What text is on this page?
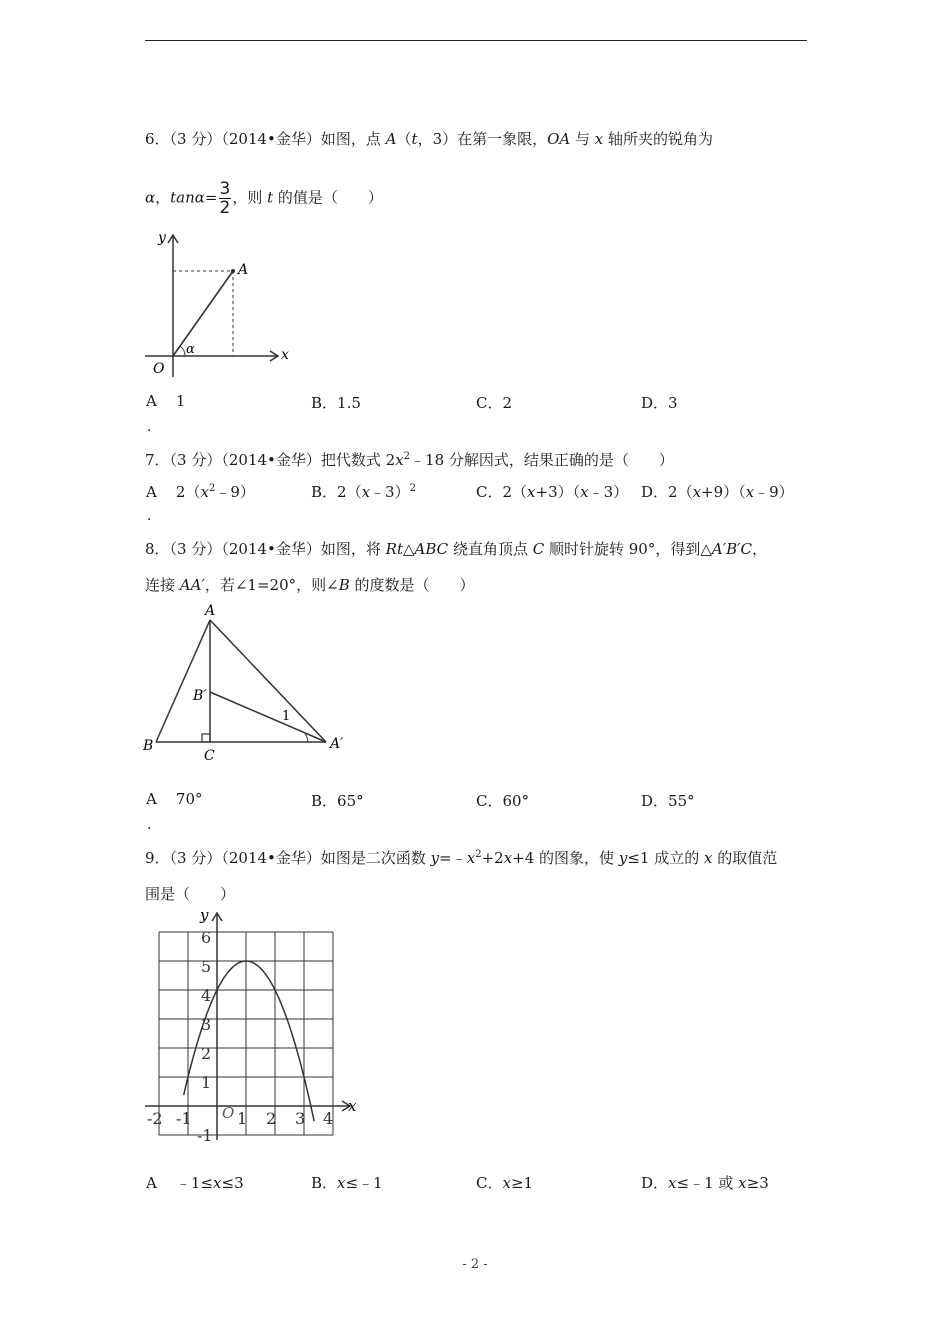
6．（3 分）（2014•金华）如图，点 A（t，3）在第一象限，OA 与 x 轴所夹的锐角为
α，$\tan\alpha= \frac{3}{2}$ ，则 t 的值是（　　）
y
x
O
A
α
A 1	B．1.5	C．2	D．3
．
7．（3 分）（2014•金华）把代数式 $2x^2﹣18$ 分解因式，结果正确的是（　　）
A $2(x^2﹣9)$	B．2（x﹣3）$^2$	C．2（x+3）（x﹣3） D．2（x+9）（x﹣9）
．
8．（3 分）（2014•金华）如图，将 Rt△ABC 绕直角顶点 C 顺时针旋转 90°，得到△A′B′C，
连接 AA′，若∠1=20°，则∠B 的度数是（　　）
A
B′
B
C
A′
1
A 70°	B．65°	C．60°	D．55°
．
9．（3 分）（2014•金华）如图是二次函数 $y=﹣x^2+2x+4$ 的图象，使 y≤1 成立的 x 的取值范
围是（　　）
y
x
O
6
5
4
3
2
1
-1
-2 -1	1 2 3 4
A ﹣1≤x≤3	B．x≤﹣1	C．x≥1	D．x≤﹣1 或 x≥3
- 2 -
